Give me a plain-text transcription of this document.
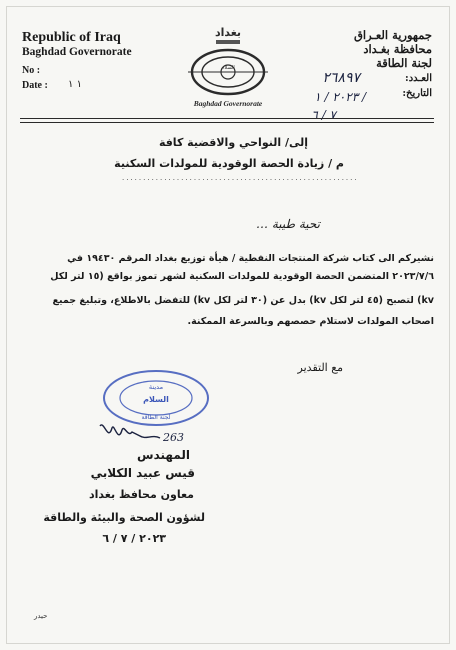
Republic of Iraq
Baghdad Governorate
No :
Date : ١ ١
بغداد
السلام
Baghdad Governorate
جمهورية العـراق
محافظة بغـداد
لجنة الطاقة
العـدد:
التاريخ:
٢٦٨٩٧
٢٠٢٣ / ١ /
٧ / ٦
إلى/ النواحي والاقضية كافة
م / زيادة الحصة الوقودية للمولدات السكنية
........................................................
تحية طيبة …
نشيركم الى كتاب شركة المنتجات النفطية / هيأة توزيع بغداد المرقم ١٩٤٣٠ في
٢٠٢٣/٧/٦ المتضمن الحصة الوقودية للمولدات السكنية لشهر تموز بواقع (١٥ لتر لكل
kv) لتصبح (٤٥ لتر لكل kv) بدل عن (٣٠ لتر لكل kv) للتفضل بالاطلاع، وتبليغ جميع
اصحاب المولدات لاستلام حصصهم وبالسرعة الممكنة.
مع التقدير
مدينة
السلام
لجنة الطاقة
263
المهندس
قيس عبيد الكلابي
معاون محافظ بغداد
لشؤون الصحة والبيئة والطاقة
٢٠٢٣ / ٧ / ٦
حيدر
